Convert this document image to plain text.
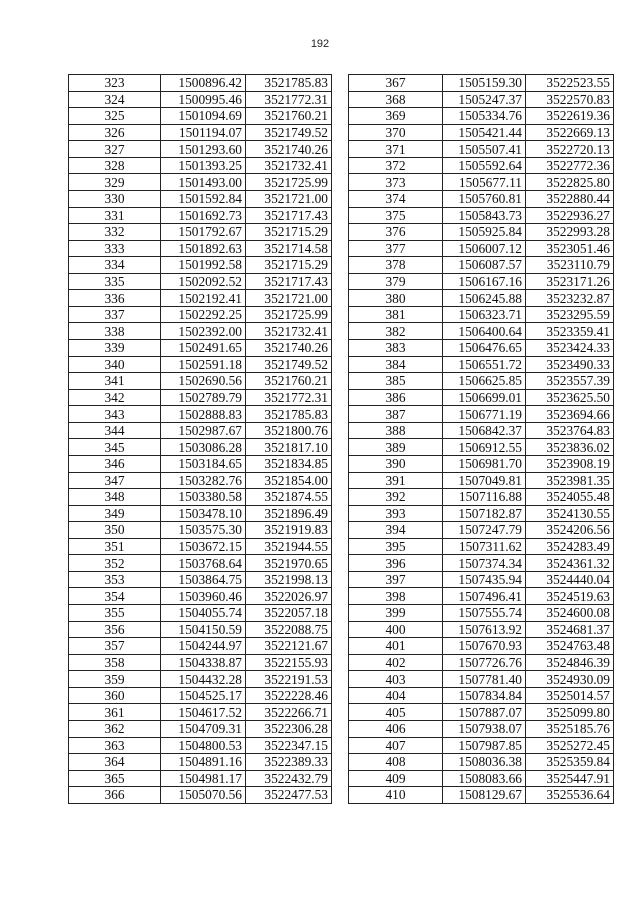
192
323	1500896.42	3521785.83
324	1500995.46	3521772.31
325	1501094.69	3521760.21
326	1501194.07	3521749.52
327	1501293.60	3521740.26
328	1501393.25	3521732.41
329	1501493.00	3521725.99
330	1501592.84	3521721.00
331	1501692.73	3521717.43
332	1501792.67	3521715.29
333	1501892.63	3521714.58
334	1501992.58	3521715.29
335	1502092.52	3521717.43
336	1502192.41	3521721.00
337	1502292.25	3521725.99
338	1502392.00	3521732.41
339	1502491.65	3521740.26
340	1502591.18	3521749.52
341	1502690.56	3521760.21
342	1502789.79	3521772.31
343	1502888.83	3521785.83
344	1502987.67	3521800.76
345	1503086.28	3521817.10
346	1503184.65	3521834.85
347	1503282.76	3521854.00
348	1503380.58	3521874.55
349	1503478.10	3521896.49
350	1503575.30	3521919.83
351	1503672.15	3521944.55
352	1503768.64	3521970.65
353	1503864.75	3521998.13
354	1503960.46	3522026.97
355	1504055.74	3522057.18
356	1504150.59	3522088.75
357	1504244.97	3522121.67
358	1504338.87	3522155.93
359	1504432.28	3522191.53
360	1504525.17	3522228.46
361	1504617.52	3522266.71
362	1504709.31	3522306.28
363	1504800.53	3522347.15
364	1504891.16	3522389.33
365	1504981.17	3522432.79
366	1505070.56	3522477.53
367	1505159.30	3522523.55
368	1505247.37	3522570.83
369	1505334.76	3522619.36
370	1505421.44	3522669.13
371	1505507.41	3522720.13
372	1505592.64	3522772.36
373	1505677.11	3522825.80
374	1505760.81	3522880.44
375	1505843.73	3522936.27
376	1505925.84	3522993.28
377	1506007.12	3523051.46
378	1506087.57	3523110.79
379	1506167.16	3523171.26
380	1506245.88	3523232.87
381	1506323.71	3523295.59
382	1506400.64	3523359.41
383	1506476.65	3523424.33
384	1506551.72	3523490.33
385	1506625.85	3523557.39
386	1506699.01	3523625.50
387	1506771.19	3523694.66
388	1506842.37	3523764.83
389	1506912.55	3523836.02
390	1506981.70	3523908.19
391	1507049.81	3523981.35
392	1507116.88	3524055.48
393	1507182.87	3524130.55
394	1507247.79	3524206.56
395	1507311.62	3524283.49
396	1507374.34	3524361.32
397	1507435.94	3524440.04
398	1507496.41	3524519.63
399	1507555.74	3524600.08
400	1507613.92	3524681.37
401	1507670.93	3524763.48
402	1507726.76	3524846.39
403	1507781.40	3524930.09
404	1507834.84	3525014.57
405	1507887.07	3525099.80
406	1507938.07	3525185.76
407	1507987.85	3525272.45
408	1508036.38	3525359.84
409	1508083.66	3525447.91
410	1508129.67	3525536.64
